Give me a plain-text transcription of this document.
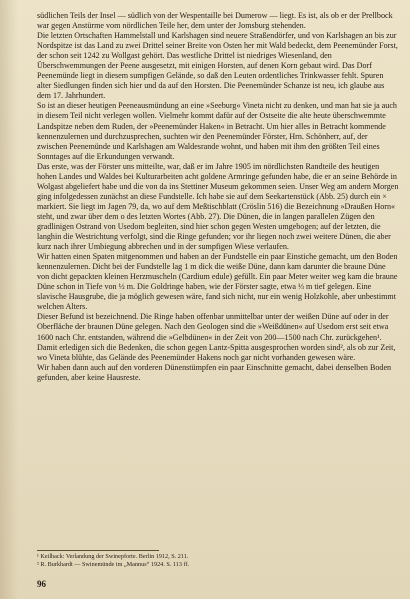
südlichen Teils der Insel — südlich von der Wespentaille bei Dumerow — liegt. Es ist, als ob er der Prellbock war gegen Anstürme vom nördlichen Teile her, dem unter der Jomsburg stehenden.

Die letzten Ortschaften Hammelstall und Karlshagen sind neuere Straßendörfer, und von Karlshagen an bis zur Nordspitze ist das Land zu zwei Drittel seiner Breite von Osten her mit Wald bedeckt, dem Peenemünder Forst, der schon seit 1242 zu Wollgast gehört. Das westliche Drittel ist niedriges Wiesenland, den Überschwemmungen der Peene ausgesetzt, mit einigen Horsten, auf denen Korn gebaut wird. Das Dorf Peenemünde liegt in diesem sumpfigen Gelände, so daß den Leuten ordentliches Trinkwasser fehlt. Spuren alter Siedlungen finden sich hier und da auf den Horsten. Die Peenemünder Schanze ist neu, ich glaube aus dem 17. Jahrhundert.

So ist an dieser heutigen Peeneausmündung an eine »Seeburg« Vineta nicht zu denken, und man hat sie ja auch in diesem Teil nicht verlegen wollen. Vielmehr kommt dafür auf der Ostseite die alte heute überschwemmte Landspitze neben dem Ruden, der »Peenemünder Haken« in Betracht. Um hier alles in Betracht kommende kennenzulernen und durchzusprechen, suchten wir den Peenemünder Förster, Hrn. Schönherr, auf, der zwischen Peenemünde und Karlshagen am Waldesrande wohnt, und haben mit ihm den größten Teil eines Sonntages auf die Erkundungen verwandt.

Das erste, was der Förster uns mitteilte, war, daß er im Jahre 1905 im nördlichsten Randteile des heutigen hohen Landes und Waldes bei Kulturarbeiten acht goldene Armringe gefunden habe, die er an seine Behörde in Wolgast abgeliefert habe und die von da ins Stettiner Museum gekommen seien. Unser Weg am andern Morgen ging infolgedessen zunächst an diese Fundstelle. Ich habe sie auf dem Seekartenstück (Abb. 25) durch ein × markiert. Sie liegt im Jagen 79, da, wo auf dem Meßtischblatt (Cröslin 516) die Bezeichnung »Draußen Horn« steht, und zwar über dem o des letzten Wortes (Abb. 27). Die Dünen, die in langen parallelen Zügen den gradlinigen Ostrand von Usedom begleiten, sind hier schon gegen Westen umgebogen; auf der letzten, die langhin die Westrichtung verfolgt, sind die Ringe gefunden; vor ihr liegen noch zwei weitere Dünen, die aber kurz nach ihrer Umbiegung abbrechen und in der sumpfigen Wiese verlaufen.

Wir hatten einen Spaten mitgenommen und haben an der Fundstelle ein paar Einstiche gemacht, um den Boden kennenzulernen. Dicht bei der Fundstelle lag 1 m dick die weiße Düne, dann kam darunter die braune Düne von dicht gepackten kleinen Herzmuscheln (Cardium edule) gefüllt. Ein paar Meter weiter weg kam die braune Düne schon in Tiefe von ½ m. Die Goldringe haben, wie der Förster sagte, etwa ⅓ m tief gelegen. Eine slavische Hausgrube, die ja möglich gewesen wäre, fand sich nicht, nur ein wenig Holzkohle, aber unbestimmt welchen Alters.

Dieser Befund ist bezeichnend. Die Ringe haben offenbar unmittelbar unter der weißen Düne auf oder in der Oberfläche der braunen Düne gelegen. Nach den Geologen sind die »Weißdünen« auf Usedom erst seit etwa 1600 nach Chr. entstanden, während die »Gelbdünen« in der Zeit von 200—1500 nach Chr. zurückgehen¹.

Damit erledigen sich die Bedenken, die schon gegen Lantz-Spitta ausgesprochen worden sind², als ob zur Zeit, wo Vineta blühte, das Gelände des Peenemünder Hakens noch gar nicht vorhanden gewesen wäre.

Wir haben dann auch auf den vorderen Dünenstümpfen ein paar Einschnitte gemacht, dabei denselben Boden gefunden, aber keine Hausreste.

¹ Keilhack: Verlandung der Swinepforte. Berlin 1912, S. 211.

² R. Burkhardt — Swinemünde im „Mannus“ 1924. S. 113 ff.

96
